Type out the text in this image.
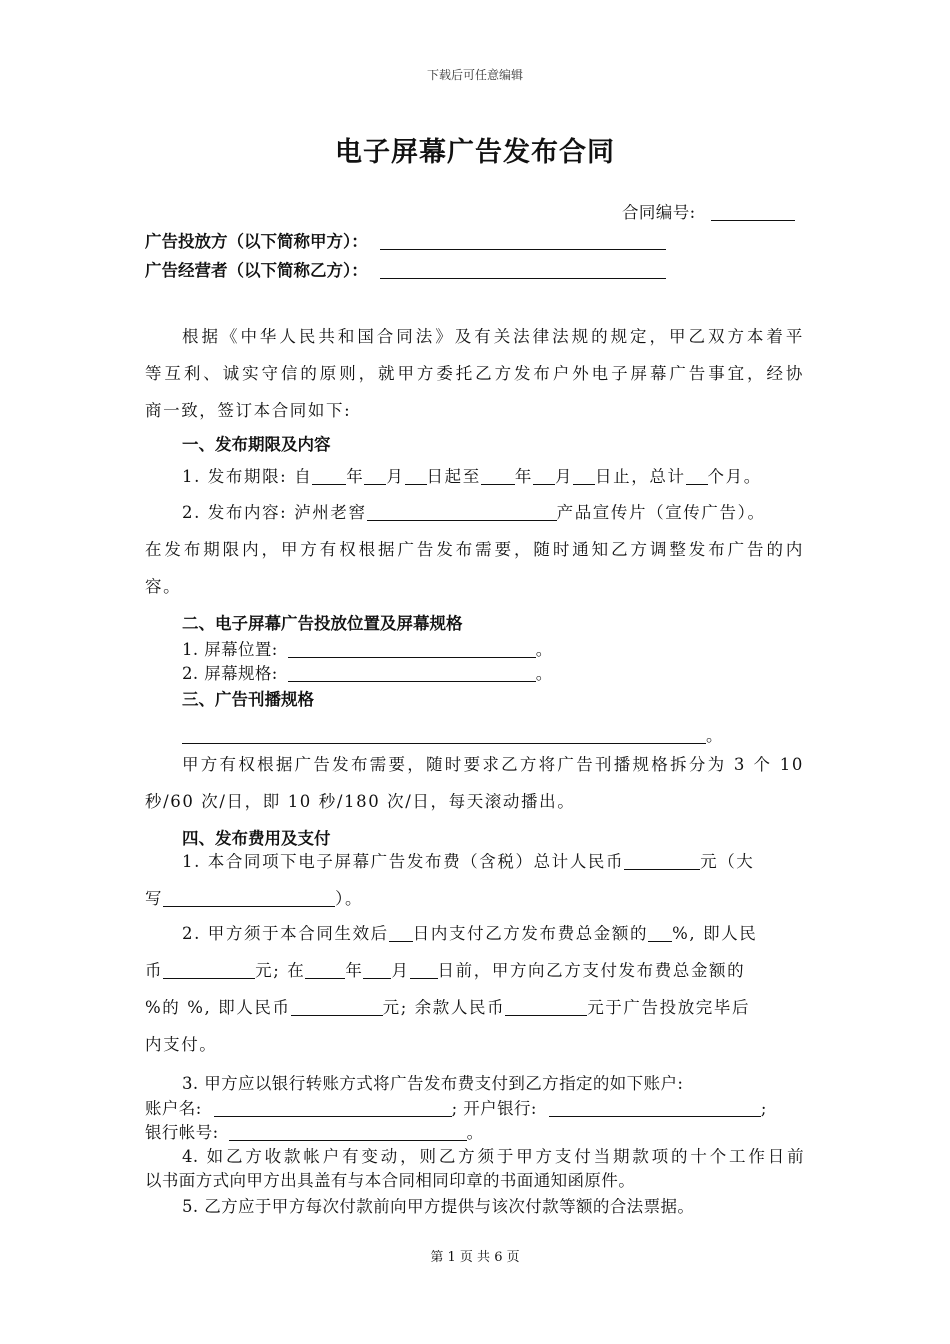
下载后可任意编辑
电子屏幕广告发布合同
合同编号:
广告投放方（以下简称甲方）：
广告经营者（以下简称乙方）：
根据《中华人民共和国合同法》及有关法律法规的规定，甲乙双方本着平
等互利、诚实守信的原则，就甲方委托乙方发布户外电子屏幕广告事宜，经协
商一致，签订本合同如下:
一、发布期限及内容
1. 发布期限: 自 年 月 日起至 年 月 日止，总计 个月。
2. 发布内容: 泸州老窖	产品宣传片（宣传广告）。
在发布期限内，甲方有权根据广告发布需要，随时通知乙方调整发布广告的内
容。
二、电子屏幕广告投放位置及屏幕规格
1. 屏幕位置:	。
2. 屏幕规格:	。
三、广告刊播规格
。
甲方有权根据广告发布需要，随时要求乙方将广告刊播规格拆分为 3 个 10
秒/60 次/日，即 10 秒/180 次/日，每天滚动播出。
四、发布费用及支付
1. 本合同项下电子屏幕广告发布费（含税）总计人民币	元（大
写	）。
2. 甲方须于本合同生效后 日内支付乙方发布费总金额的 %, 即人民
币	元; 在 年 月 日前，甲方向乙方支付发布费总金额的
%的 %, 即人民币	元; 余款人民币	元于广告投放完毕后
内支付。
3. 甲方应以银行转账方式将广告发布费支付到乙方指定的如下账户:
账户名:	; 开户银行:	;
银行帐号:	。
4. 如乙方收款帐户有变动，则乙方须于甲方支付当期款项的十个工作日前
以书面方式向甲方出具盖有与本合同相同印章的书面通知函原件。
5. 乙方应于甲方每次付款前向甲方提供与该次付款等额的合法票据。
第 1 页 共 6 页
